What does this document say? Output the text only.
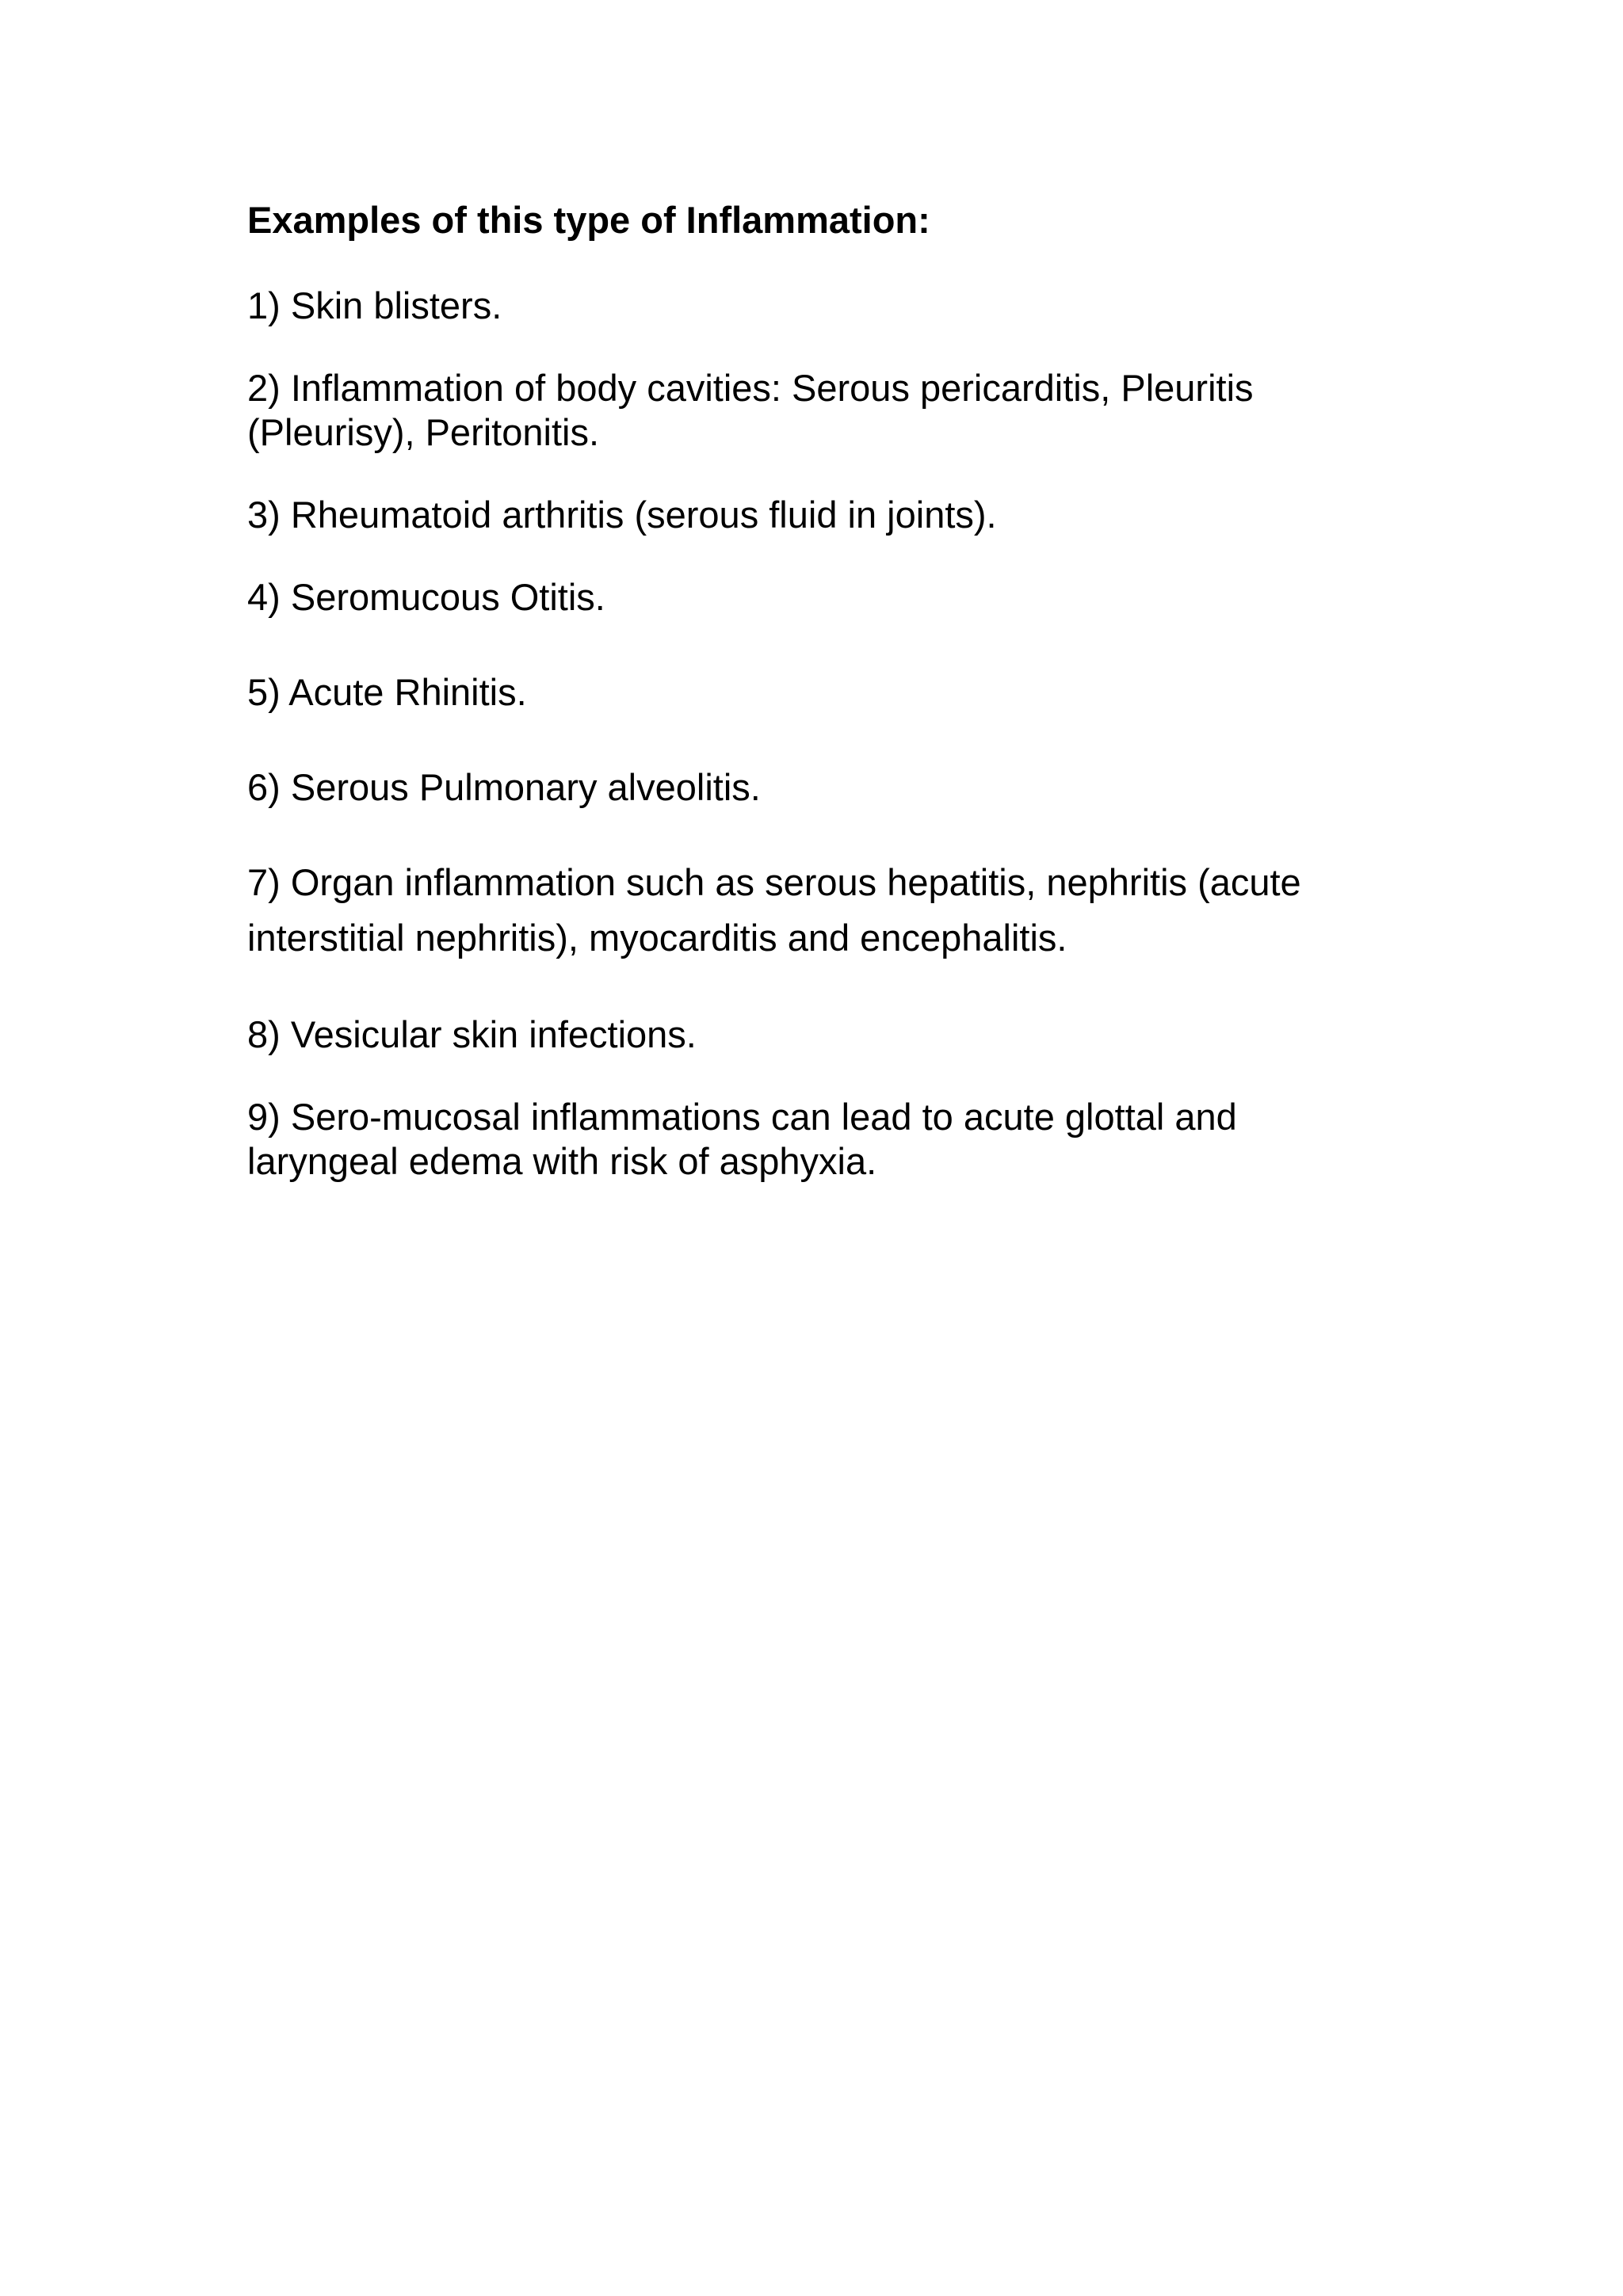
Examples of this type of Inflammation:
1) Skin blisters.
2) Inflammation of body cavities: Serous pericarditis, Pleuritis
(Pleurisy), Peritonitis.
3) Rheumatoid arthritis (serous fluid in joints).
4) Seromucous Otitis.
5) Acute Rhinitis.
6) Serous Pulmonary alveolitis.
7) Organ inflammation such as serous hepatitis, nephritis (acute
interstitial nephritis), myocarditis and encephalitis.
8) Vesicular skin infections.
9) Sero-mucosal inflammations can lead to acute glottal and
laryngeal edema with risk of asphyxia.
